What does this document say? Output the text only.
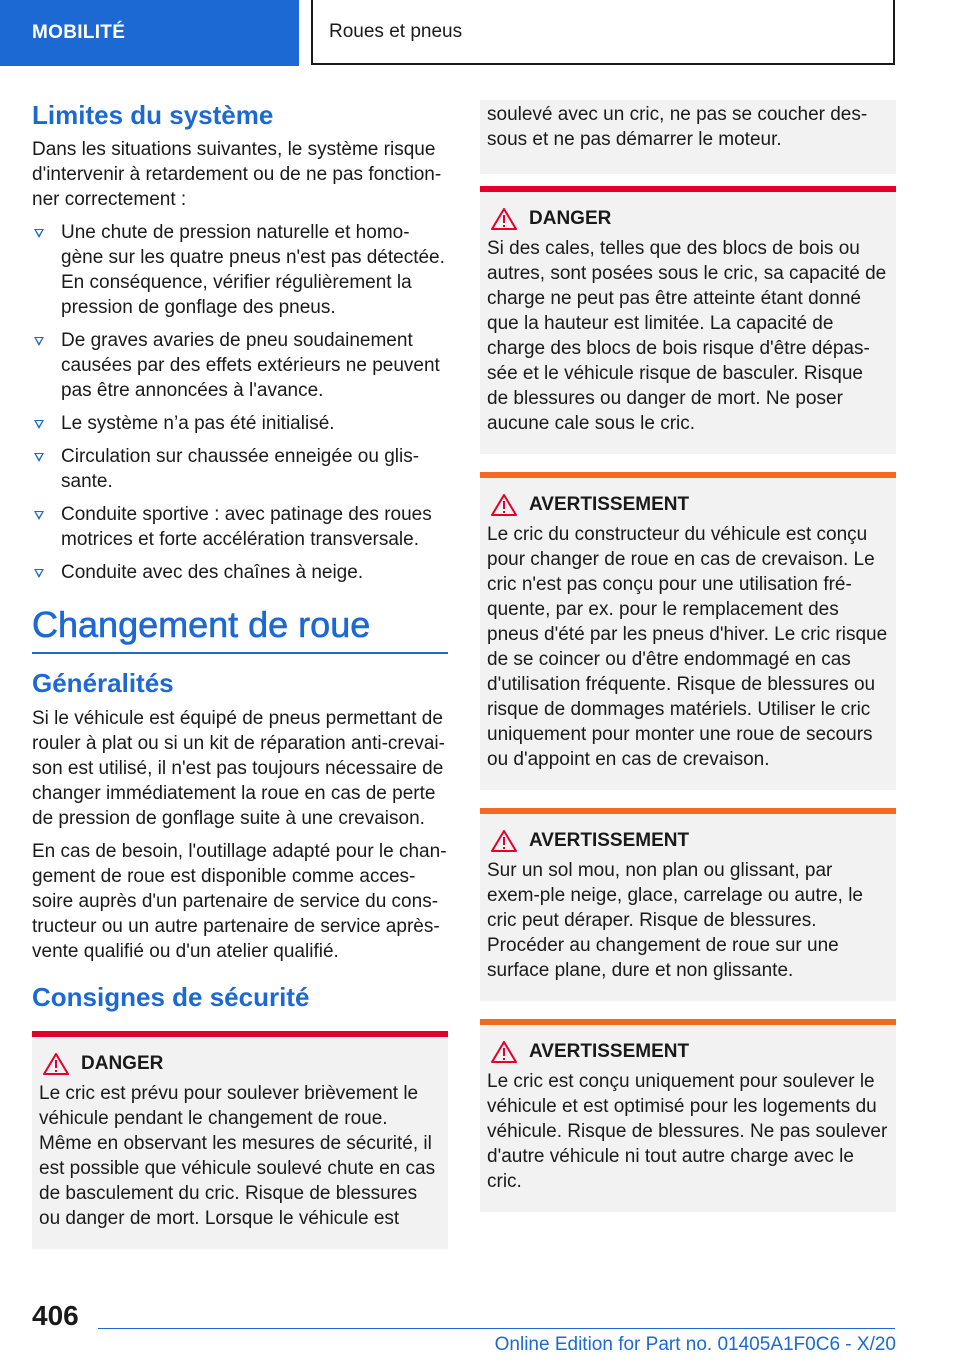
MOBILITÉ	Roues et pneus
Limites du système

Dans les situations suivantes, le système risque d'intervenir à retardement ou de ne pas fonction-ner correctement :

Une chute de pression naturelle et homo-gène sur les quatre pneus n'est pas détectée. En conséquence, vérifier régulièrement la pression de gonflage des pneus.
De graves avaries de pneu soudainement causées par des effets extérieurs ne peuvent pas être annoncées à l'avance.
Le système n’a pas été initialisé.
Circulation sur chaussée enneigée ou glis-sante.
Conduite sportive : avec patinage des roues motrices et forte accélération transversale.
Conduite avec des chaînes à neige.
Changement de roue
Généralités

Si le véhicule est équipé de pneus permettant de rouler à plat ou si un kit de réparation anti-crevai-son est utilisé, il n'est pas toujours nécessaire de changer immédiatement la roue en cas de perte de pression de gonflage suite à une crevaison.

En cas de besoin, l'outillage adapté pour le chan-gement de roue est disponible comme acces-soire auprès d'un partenaire de service du cons-tructeur ou un autre partenaire de service après-vente qualifié ou d'un atelier qualifié.

Consignes de sécurité
DANGER

Le cric est prévu pour soulever brièvement le véhicule pendant le changement de roue. Même en observant les mesures de sécurité, il est possible que véhicule soulevé chute en cas de basculement du cric. Risque de blessures ou danger de mort. Lorsque le véhicule est

soulevé avec un cric, ne pas se coucher des-sous et ne pas démarrer le moteur.

DANGER

Si des cales, telles que des blocs de bois ou autres, sont posées sous le cric, sa capacité de charge ne peut pas être atteinte étant donné que la hauteur est limitée. La capacité de charge des blocs de bois risque d'être dépas-sée et le véhicule risque de basculer. Risque de blessures ou danger de mort. Ne poser aucune cale sous le cric.

AVERTISSEMENT

Le cric du constructeur du véhicule est conçu pour changer de roue en cas de crevaison. Le cric n'est pas conçu pour une utilisation fré-quente, par ex. pour le remplacement des pneus d'été par les pneus d'hiver. Le cric risque de se coincer ou d'être endommagé en cas d'utilisation fréquente. Risque de blessures ou risque de dommages matériels. Utiliser le cric uniquement pour monter une roue de secours ou d'appoint en cas de crevaison.

AVERTISSEMENT

Sur un sol mou, non plan ou glissant, par exem-ple neige, glace, carrelage ou autre, le cric peut déraper. Risque de blessures. Procéder au changement de roue sur une surface plane, dure et non glissante.

AVERTISSEMENT

Le cric est conçu uniquement pour soulever le véhicule et est optimisé pour les logements du véhicule. Risque de blessures. Ne pas soulever d'autre véhicule ni tout autre charge avec le cric.

406
Online Edition for Part no. 01405A1F0C6 - X/20
